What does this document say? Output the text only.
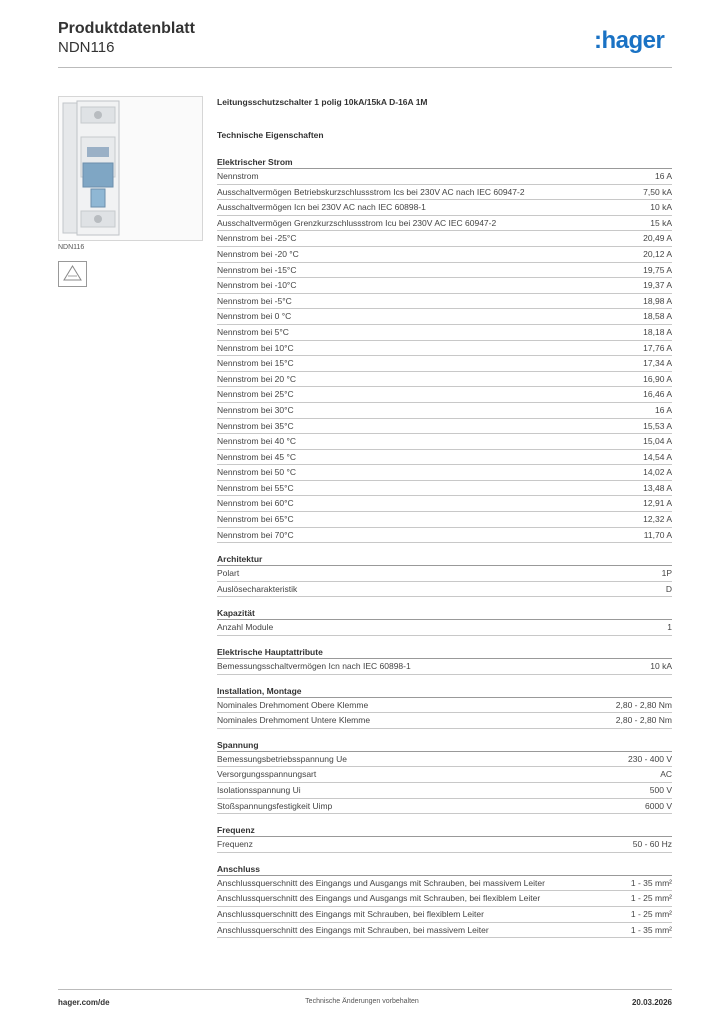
Produktdatenblatt
NDN116	:hager
NDN116
Leitungsschutzschalter 1 polig 10kA/15kA D-16A 1M
Technische Eigenschaften
Elektrischer Strom
Nennstrom	16 A
Ausschaltvermögen Betriebskurzschlussstrom Ics bei 230V AC nach IEC 60947-2	7,50 kA
Ausschaltvermögen Icn bei 230V AC nach IEC 60898-1	10 kA
Ausschaltvermögen Grenzkurzschlussstrom Icu bei 230V AC IEC 60947-2	15 kA
Nennstrom bei -25°C	20,49 A
Nennstrom bei -20 °C	20,12 A
Nennstrom bei -15°C	19,75 A
Nennstrom bei -10°C	19,37 A
Nennstrom bei -5°C	18,98 A
Nennstrom bei 0 °C	18,58 A
Nennstrom bei 5°C	18,18 A
Nennstrom bei 10°C	17,76 A
Nennstrom bei 15°C	17,34 A
Nennstrom bei 20 °C	16,90 A
Nennstrom bei 25°C	16,46 A
Nennstrom bei 30°C	16 A
Nennstrom bei 35°C	15,53 A
Nennstrom bei 40 °C	15,04 A
Nennstrom bei 45 °C	14,54 A
Nennstrom bei 50 °C	14,02 A
Nennstrom bei 55°C	13,48 A
Nennstrom bei 60°C	12,91 A
Nennstrom bei 65°C	12,32 A
Nennstrom bei 70°C	11,70 A
Architektur
Polart	1P
Auslösecharakteristik	D
Kapazität
Anzahl Module	1
Elektrische Hauptattribute
Bemessungsschaltvermögen Icn nach IEC 60898-1	10 kA
Installation, Montage
Nominales Drehmoment Obere Klemme	2,80 - 2,80 Nm
Nominales Drehmoment Untere Klemme	2,80 - 2,80 Nm
Spannung
Bemessungsbetriebsspannung Ue	230 - 400 V
Versorgungsspannungsart	AC
Isolationsspannung Ui	500 V
Stoßspannungsfestigkeit Uimp	6000 V
Frequenz
Frequenz	50 - 60 Hz
Anschluss
Anschlussquerschnitt des Eingangs und Ausgangs mit Schrauben, bei massivem Leiter	1 - 35 mm²
Anschlussquerschnitt des Eingangs und Ausgangs mit Schrauben, bei flexiblem Leiter	1 - 25 mm²
Anschlussquerschnitt des Eingangs mit Schrauben, bei flexiblem Leiter	1 - 25 mm²
Anschlussquerschnitt des Eingangs mit Schrauben, bei massivem Leiter	1 - 35 mm²
hager.com/de	Technische Änderungen vorbehalten	20.03.2026
